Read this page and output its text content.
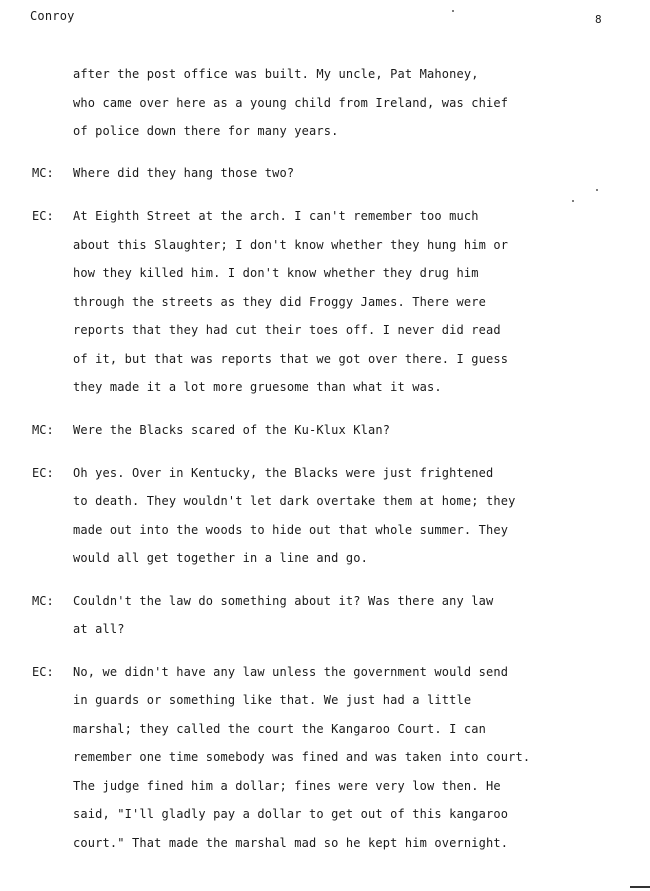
Conroy	8
after the post office was built. My uncle, Pat Mahoney,
who came over here as a young child from Ireland, was chief
of police down there for many years.
MC: Where did they hang those two?
EC: At Eighth Street at the arch. I can't remember too much
about this Slaughter; I don't know whether they hung him or
how they killed him. I don't know whether they drug him
through the streets as they did Froggy James. There were
reports that they had cut their toes off. I never did read
of it, but that was reports that we got over there. I guess
they made it a lot more gruesome than what it was.
MC: Were the Blacks scared of the Ku-Klux Klan?
EC: Oh yes. Over in Kentucky, the Blacks were just frightened
to death. They wouldn't let dark overtake them at home; they
made out into the woods to hide out that whole summer. They
would all get together in a line and go.
MC: Couldn't the law do something about it? Was there any law
at all?
EC: No, we didn't have any law unless the government would send
in guards or something like that. We just had a little
marshal; they called the court the Kangaroo Court. I can
remember one time somebody was fined and was taken into court.
The judge fined him a dollar; fines were very low then. He
said, "I'll gladly pay a dollar to get out of this kangaroo
court." That made the marshal mad so he kept him overnight.
